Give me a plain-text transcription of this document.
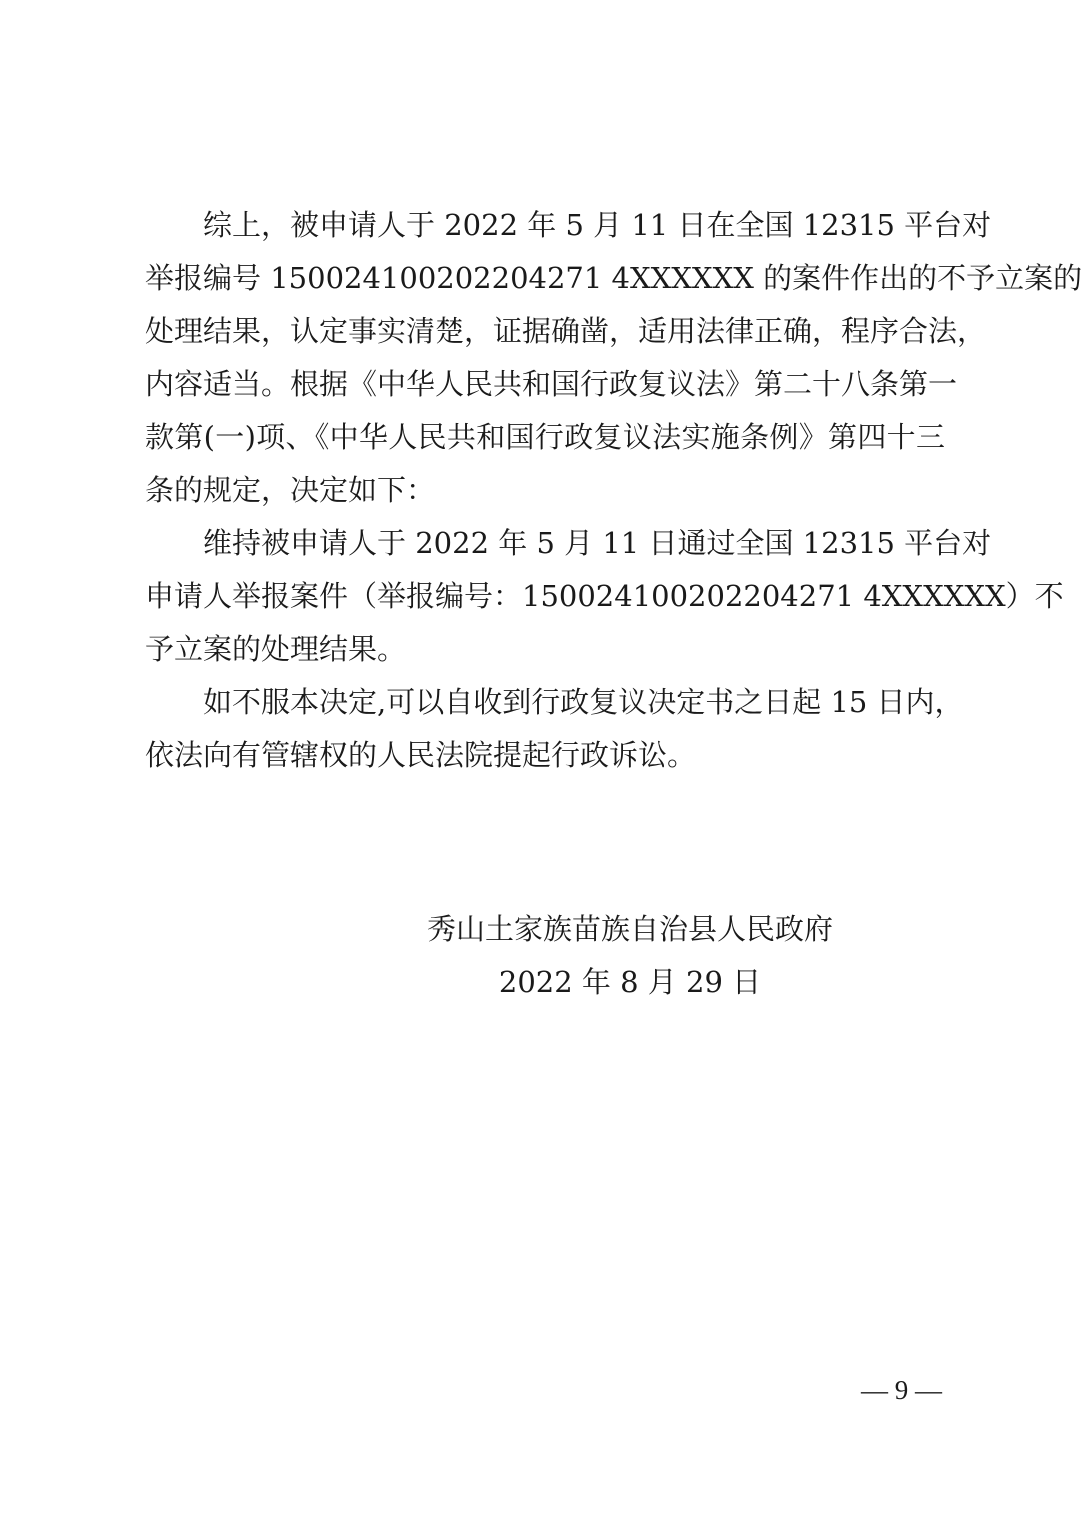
　　综上，被申请人于 2022 年 5 月 11 日在全国 12315 平台对
举报编号 150024100202204271 4XXXXXX 的案件作出的不予立案的
处理结果，认定事实清楚，证据确凿，适用法律正确，程序合法，
内容适当。根据《中华人民共和国行政复议法》第二十八条第一
款第(一)项、《中华人民共和国行政复议法实施条例》第四十三
条的规定，决定如下：
　　维持被申请人于 2022 年 5 月 11 日通过全国 12315 平台对
申请人举报案件（举报编号：150024100202204271 4XXXXXX）不
予立案的处理结果。
　　如不服本决定,可以自收到行政复议决定书之日起 15 日内，
依法向有管辖权的人民法院提起行政诉讼。
秀山土家族苗族自治县人民政府
2022 年 8 月 29 日
— 9 —
